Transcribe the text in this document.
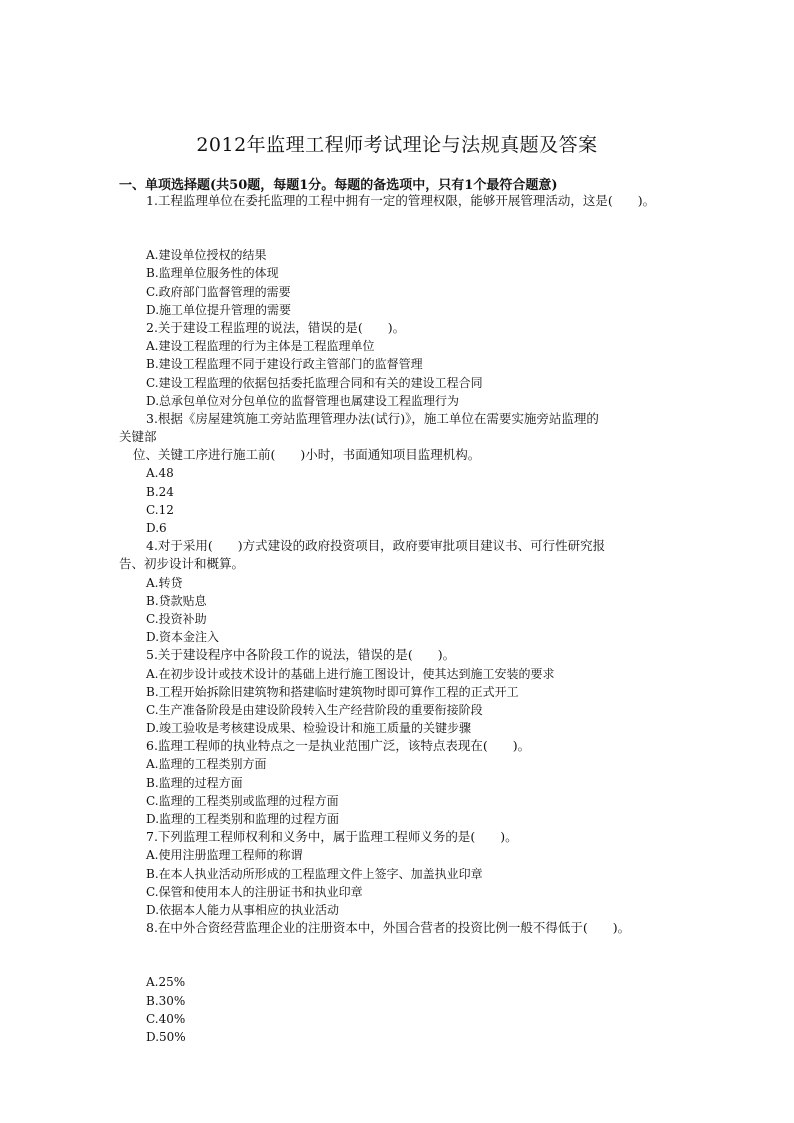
2012年监理工程师考试理论与法规真题及答案
一、单项选择题(共50题，每题1分。每题的备选项中，只有1个最符合题意)
1.工程监理单位在委托监理的工程中拥有一定的管理权限，能够开展管理活动，这是(　　)。
A.建设单位授权的结果
B.监理单位服务性的体现
C.政府部门监督管理的需要
D.施工单位提升管理的需要
2.关于建设工程监理的说法，错误的是(　　)。
A.建设工程监理的行为主体是工程监理单位
B.建设工程监理不同于建设行政主管部门的监督管理
C.建设工程监理的依据包括委托监理合同和有关的建设工程合同
D.总承包单位对分包单位的监督管理也属建设工程监理行为
3.根据《房屋建筑施工旁站监理管理办法(试行)》，施工单位在需要实施旁站监理的
关键部
位、关键工序进行施工前(　　)小时，书面通知项目监理机构。
A.48
B.24
C.12
D.6
4.对于采用(　　)方式建设的政府投资项目，政府要审批项目建议书、可行性研究报
告、初步设计和概算。
A.转贷
B.贷款贴息
C.投资补助
D.资本金注入
5.关于建设程序中各阶段工作的说法，错误的是(　　)。
A.在初步设计或技术设计的基础上进行施工图设计，使其达到施工安装的要求
B.工程开始拆除旧建筑物和搭建临时建筑物时即可算作工程的正式开工
C.生产准备阶段是由建设阶段转入生产经营阶段的重要衔接阶段
D.竣工验收是考核建设成果、检验设计和施工质量的关键步骤
6.监理工程师的执业特点之一是执业范围广泛，该特点表现在(　　)。
A.监理的工程类别方面
B.监理的过程方面
C.监理的工程类别或监理的过程方面
D.监理的工程类别和监理的过程方面
7.下列监理工程师权利和义务中，属于监理工程师义务的是(　　)。
A.使用注册监理工程师的称谓
B.在本人执业活动所形成的工程监理文件上签字、加盖执业印章
C.保管和使用本人的注册证书和执业印章
D.依据本人能力从事相应的执业活动
8.在中外合资经营监理企业的注册资本中，外国合营者的投资比例一般不得低于(　　)。
A.25%
B.30%
C.40%
D.50%
